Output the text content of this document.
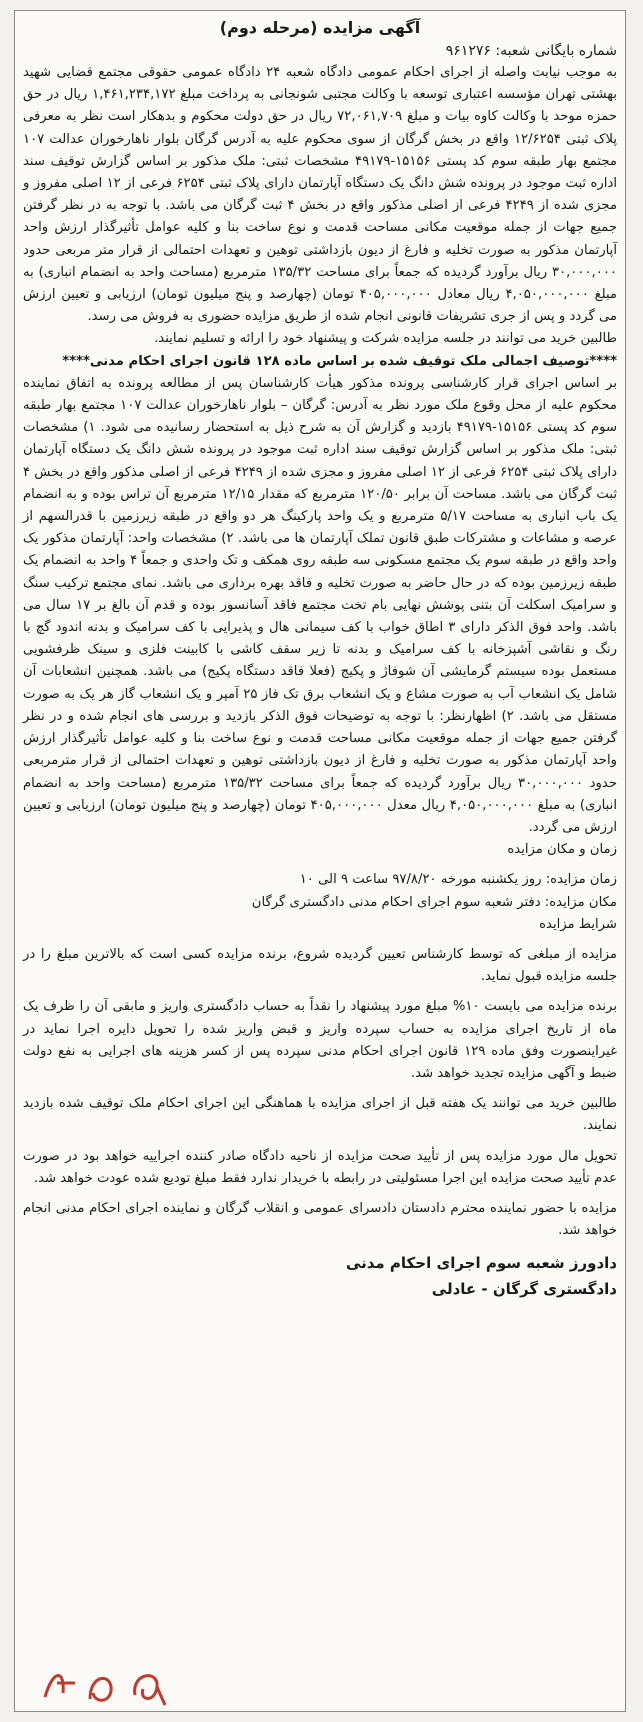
آگهی مزایده (مرحله دوم)
شماره بایگانی شعبه: ۹۶۱۲۷۶

به موجب نیابت واصله از اجرای احکام عمومی دادگاه شعبه ۲۴ دادگاه عمومی حقوقی مجتمع قضایی شهید بهشتی تهران مؤسسه اعتباری توسعه با وکالت مجتبی شونجانی به پرداخت مبلغ ۱,۴۶۱,۲۳۴,۱۷۲ ریال در حق حمزه موحد با وکالت کاوه بیات و مبلغ ۷۲,۰۶۱,۷۰۹ ریال در حق دولت محکوم و بدهکار است نظر به معرفی پلاک ثبتی ۱۲/۶۲۵۴ واقع در بخش گرگان از سوی محکوم علیه به آدرس گرگان بلوار ناهارخوران عدالت ۱۰۷ مجتمع بهار طبقه سوم کد پستی ۱۵۱۵۶-۴۹۱۷۹ مشخصات ثبتی: ملک مذکور بر اساس گزارش توقیف سند اداره ثبت موجود در پرونده شش دانگ یک دستگاه آپارتمان دارای پلاک ثبتی ۶۲۵۴ فرعی از ۱۲ اصلی مفروز و مجزی شده از ۴۲۴۹ فرعی از اصلی مذکور واقع در بخش ۴ ثبت گرگان می باشد. با توجه به در نظر گرفتن جمیع جهات از جمله موقعیت مکانی مساحت قدمت و نوع ساخت بنا و کلیه عوامل تأثیرگذار ارزش واحد آپارتمان مذکور به صورت تخلیه و فارغ از دیون بازداشتی توهین و تعهدات احتمالی از قرار متر مربعی حدود ۳۰,۰۰۰,۰۰۰ ریال برآورد گردیده که جمعاً برای مساحت ۱۳۵/۳۲ مترمربع (مساحت واحد به انضمام انباری) به مبلغ ۴,۰۵۰,۰۰۰,۰۰۰ ریال معادل ۴۰۵,۰۰۰,۰۰۰ تومان (چهارصد و پنج میلیون تومان) ارزیابی و تعیین ارزش می گردد و پس از جری تشریفات قانونی انجام شده از طریق مزایده حضوری به فروش می رسد.

طالبین خرید می توانند در جلسه مزایده شرکت و پیشنهاد خود را ارائه و تسلیم نمایند.

****توصیف اجمالی ملک توقیف شده بر اساس ماده ۱۲۸ قانون اجرای احکام مدنی****

بر اساس اجرای قرار کارشناسی پرونده مذکور هیأت کارشناسان پس از مطالعه پرونده به اتفاق نماینده محکوم علیه از محل وقوع ملک مورد نظر به آدرس: گرگان – بلوار ناهارخوران عدالت ۱۰۷ مجتمع بهار طبقه سوم کد پستی ۱۵۱۵۶-۴۹۱۷۹ بازدید و گزارش آن به شرح ذیل به استحضار رسانیده می شود. ۱) مشخصات ثبتی: ملک مذکور بر اساس گزارش توقیف سند اداره ثبت موجود در پرونده شش دانگ یک دستگاه آپارتمان دارای پلاک ثبتی ۶۲۵۴ فرعی از ۱۲ اصلی مفروز و مجزی شده از ۴۲۴۹ فرعی از اصلی مذکور واقع در بخش ۴ ثبت گرگان می باشد. مساحت آن برابر ۱۲۰/۵۰ مترمربع که مقدار ۱۲/۱۵ مترمربع آن تراس بوده و به انضمام یک باب انباری به مساحت ۵/۱۷ مترمربع و یک واحد پارکینگ هر دو واقع در طبقه زیرزمین با قدرالسهم از عرصه و مشاعات و مشترکات طبق قانون تملک آپارتمان ها می باشد. ۲) مشخصات واحد: آپارتمان مذکور یک واحد واقع در طبقه سوم یک مجتمع مسکونی سه طبقه روی همکف و تک واحدی و جمعاً ۴ واحد به انضمام یک طبقه زیرزمین بوده که در حال حاضر به صورت تخلیه و فاقد بهره برداری می باشد. نمای مجتمع ترکیب سنگ و سرامیک اسکلت آن بتنی پوشش نهایی بام تخت مجتمع فاقد آسانسور بوده و قدم آن بالغ بر ۱۷ سال می باشد. واحد فوق الذکر دارای ۳ اطاق خواب با کف سیمانی هال و پذیرایی با کف سرامیک و بدنه اندود گچ با رنگ و نقاشی آشپزخانه با کف سرامیک و بدنه تا زیر سقف کاشی با کابینت فلزی و سینک ظرفشویی مستعمل بوده سیستم گرمایشی آن شوفاژ و پکیج (فعلا فاقد دستگاه پکیج) می باشد. همچنین انشعابات آن شامل یک انشعاب آب به صورت مشاع و یک انشعاب برق تک فاز ۲۵ آمپر و یک انشعاب گاز هر یک به صورت مستقل می باشد. ۲) اظهارنظر: با توجه به توضیحات فوق الذکر بازدید و بررسی های انجام شده و در نظر گرفتن جمیع جهات از جمله موقعیت مکانی مساحت قدمت و نوع ساخت بنا و کلیه عوامل تأثیرگذار ارزش واحد آپارتمان مذکور به صورت تخلیه و فارغ از دیون بازداشتی توهین و تعهدات احتمالی از قرار مترمربعی حدود ۳۰,۰۰۰,۰۰۰ ریال برآورد گردیده که جمعاً برای مساحت ۱۳۵/۳۲ مترمربع (مساحت واحد به انضمام انباری) به مبلغ ۴,۰۵۰,۰۰۰,۰۰۰ ریال معدل ۴۰۵,۰۰۰,۰۰۰ تومان (چهارصد و پنج میلیون تومان) ارزیابی و تعیین ارزش می گردد.

زمان و مکان مزایده

زمان مزایده: روز یکشنبه مورخه ۹۷/۸/۲۰ ساعت ۹ الی ۱۰

مکان مزایده: دفتر شعبه سوم اجرای احکام مدنی دادگستری گرگان

شرایط مزایده

مزایده از مبلغی که توسط کارشناس تعیین گردیده شروع، برنده مزایده کسی است که بالاترین مبلغ را در جلسه مزایده قبول نماید.

برنده مزایده می بایست ۱۰% مبلغ مورد پیشنهاد را نقداً به حساب دادگستری واریز و مابقی آن را ظرف یک ماه از تاریخ اجرای مزایده به حساب سپرده واریز و قبض واریز شده را تحویل دایره اجرا نماید در غیراینصورت وفق ماده ۱۲۹ قانون اجرای احکام مدنی سپرده پس از کسر هزینه های اجرایی به نفع دولت ضبط و آگهی مزایده تجدید خواهد شد.

طالبین خرید می توانند یک هفته قبل از اجرای مزایده با هماهنگی این اجرای احکام ملک توقیف شده بازدید نمایند.

تحویل مال مورد مزایده پس از تأیید صحت مزایده از ناحیه دادگاه صادر کننده اجراییه خواهد بود در صورت عدم تأیید صحت مزایده این اجرا مسئولیتی در رابطه با خریدار ندارد فقط مبلغ تودیع شده عودت خواهد شد.

مزایده با حضور نماینده محترم دادستان دادسرای عمومی و انقلاب گرگان و نماینده اجرای احکام مدنی انجام خواهد شد.

دادورز شعبه سوم اجرای احکام مدنی
دادگستری گرگان - عادلی
